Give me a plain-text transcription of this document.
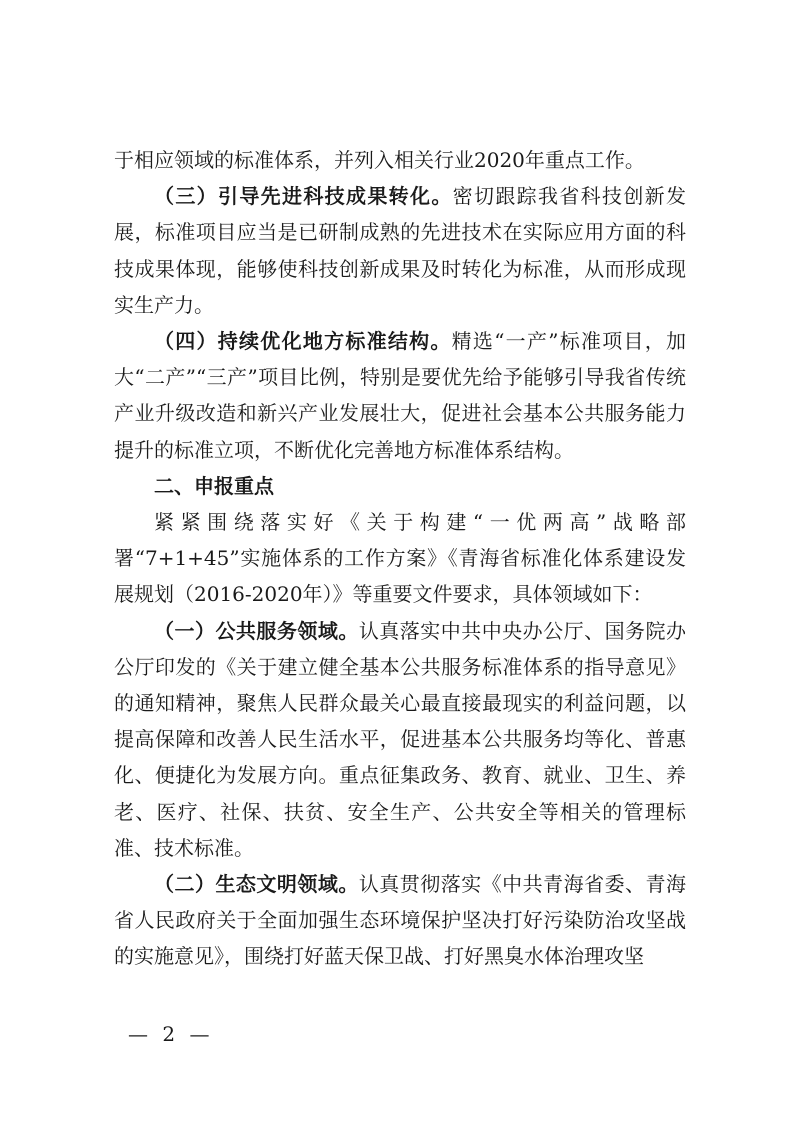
于相应领域的标准体系，并列入相关行业2020年重点工作。

（三）引导先进科技成果转化。密切跟踪我省科技创新发展，标准项目应当是已研制成熟的先进技术在实际应用方面的科技成果体现，能够使科技创新成果及时转化为标准，从而形成现实生产力。

（四）持续优化地方标准结构。精选“一产”标准项目，加大“二产”“三产”项目比例，特别是要优先给予能够引导我省传统产业升级改造和新兴产业发展壮大，促进社会基本公共服务能力提升的标准立项，不断优化完善地方标准体系结构。

二、申报重点

紧紧围绕落实好《关于构建“一优两高”战略部署“7+1+45”实施体系的工作方案》《青海省标准化体系建设发展规划（2016-2020年）》等重要文件要求，具体领域如下：

（一）公共服务领域。认真落实中共中央办公厅、国务院办公厅印发的《关于建立健全基本公共服务标准体系的指导意见》的通知精神，聚焦人民群众最关心最直接最现实的利益问题，以提高保障和改善人民生活水平，促进基本公共服务均等化、普惠化、便捷化为发展方向。重点征集政务、教育、就业、卫生、养老、医疗、社保、扶贫、安全生产、公共安全等相关的管理标准、技术标准。

（二）生态文明领域。认真贯彻落实《中共青海省委、青海省人民政府关于全面加强生态环境保护坚决打好污染防治攻坚战的实施意见》，围绕打好蓝天保卫战、打好黑臭水体治理攻坚

— 2 —
